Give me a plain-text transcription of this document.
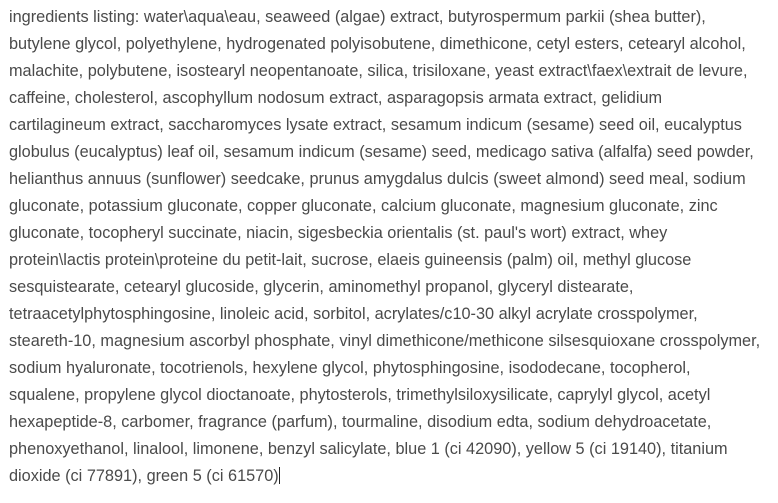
ingredients listing: water\aqua\eau, seaweed (algae) extract, butyrospermum parkii (shea butter),
butylene glycol, polyethylene, hydrogenated polyisobutene, dimethicone, cetyl esters, cetearyl alcohol,
malachite, polybutene, isostearyl neopentanoate, silica, trisiloxane, yeast extract\faex\extrait de levure,
caffeine, cholesterol, ascophyllum nodosum extract, asparagopsis armata extract, gelidium
cartilagineum extract, saccharomyces lysate extract, sesamum indicum (sesame) seed oil, eucalyptus
globulus (eucalyptus) leaf oil, sesamum indicum (sesame) seed, medicago sativa (alfalfa) seed powder,
helianthus annuus (sunflower) seedcake, prunus amygdalus dulcis (sweet almond) seed meal, sodium
gluconate, potassium gluconate, copper gluconate, calcium gluconate, magnesium gluconate, zinc
gluconate, tocopheryl succinate, niacin, sigesbeckia orientalis (st. paul's wort) extract, whey
protein\lactis protein\proteine du petit-lait, sucrose, elaeis guineensis (palm) oil, methyl glucose
sesquistearate, cetearyl glucoside, glycerin, aminomethyl propanol, glyceryl distearate,
tetraacetylphytosphingosine, linoleic acid, sorbitol, acrylates/c10-30 alkyl acrylate crosspolymer,
steareth-10, magnesium ascorbyl phosphate, vinyl dimethicone/methicone silsesquioxane crosspolymer,
sodium hyaluronate, tocotrienols, hexylene glycol, phytosphingosine, isododecane, tocopherol,
squalene, propylene glycol dioctanoate, phytosterols, trimethylsiloxysilicate, caprylyl glycol, acetyl
hexapeptide-8, carbomer, fragrance (parfum), tourmaline, disodium edta, sodium dehydroacetate,
phenoxyethanol, linalool, limonene, benzyl salicylate, blue 1 (ci 42090), yellow 5 (ci 19140), titanium
dioxide (ci 77891), green 5 (ci 61570)
